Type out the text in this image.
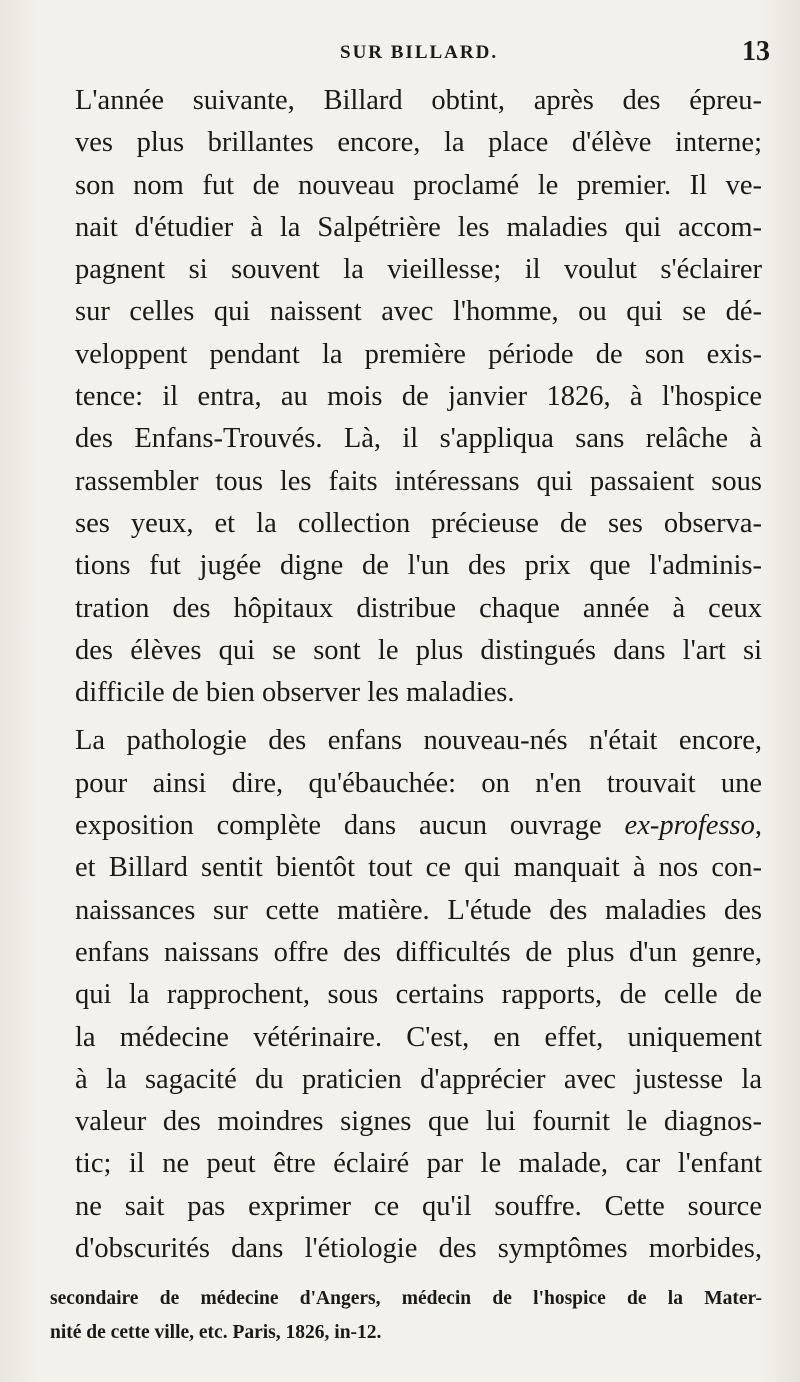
SUR BILLARD.	13

L'année suivante, Billard obtint, après des épreu-
ves plus brillantes encore, la place d'élève interne;
son nom fut de nouveau proclamé le premier. Il ve-
nait d'étudier à la Salpétrière les maladies qui accom-
pagnent si souvent la vieillesse; il voulut s'éclairer
sur celles qui naissent avec l'homme, ou qui se dé-
veloppent pendant la première période de son exis-
tence: il entra, au mois de janvier 1826, à l'hospice
des Enfans-Trouvés. Là, il s'appliqua sans relâche à
rassembler tous les faits intéressans qui passaient sous
ses yeux, et la collection précieuse de ses observa-
tions fut jugée digne de l'un des prix que l'adminis-
tration des hôpitaux distribue chaque année à ceux
des élèves qui se sont le plus distingués dans l'art si
difficile de bien observer les maladies.

La pathologie des enfans nouveau-nés n'était encore,
pour ainsi dire, qu'ébauchée: on n'en trouvait une
exposition complète dans aucun ouvrage ex-professo,
et Billard sentit bientôt tout ce qui manquait à nos con-
naissances sur cette matière. L'étude des maladies des
enfans naissans offre des difficultés de plus d'un genre,
qui la rapprochent, sous certains rapports, de celle de
la médecine vétérinaire. C'est, en effet, uniquement
à la sagacité du praticien d'apprécier avec justesse la
valeur des moindres signes que lui fournit le diagnos-
tic; il ne peut être éclairé par le malade, car l'enfant
ne sait pas exprimer ce qu'il souffre. Cette source
d'obscurités dans l'étiologie des symptômes morbides,

secondaire de médecine d'Angers, médecin de l'hospice de la Mater-
nité de cette ville, etc. Paris, 1826, in-12.
